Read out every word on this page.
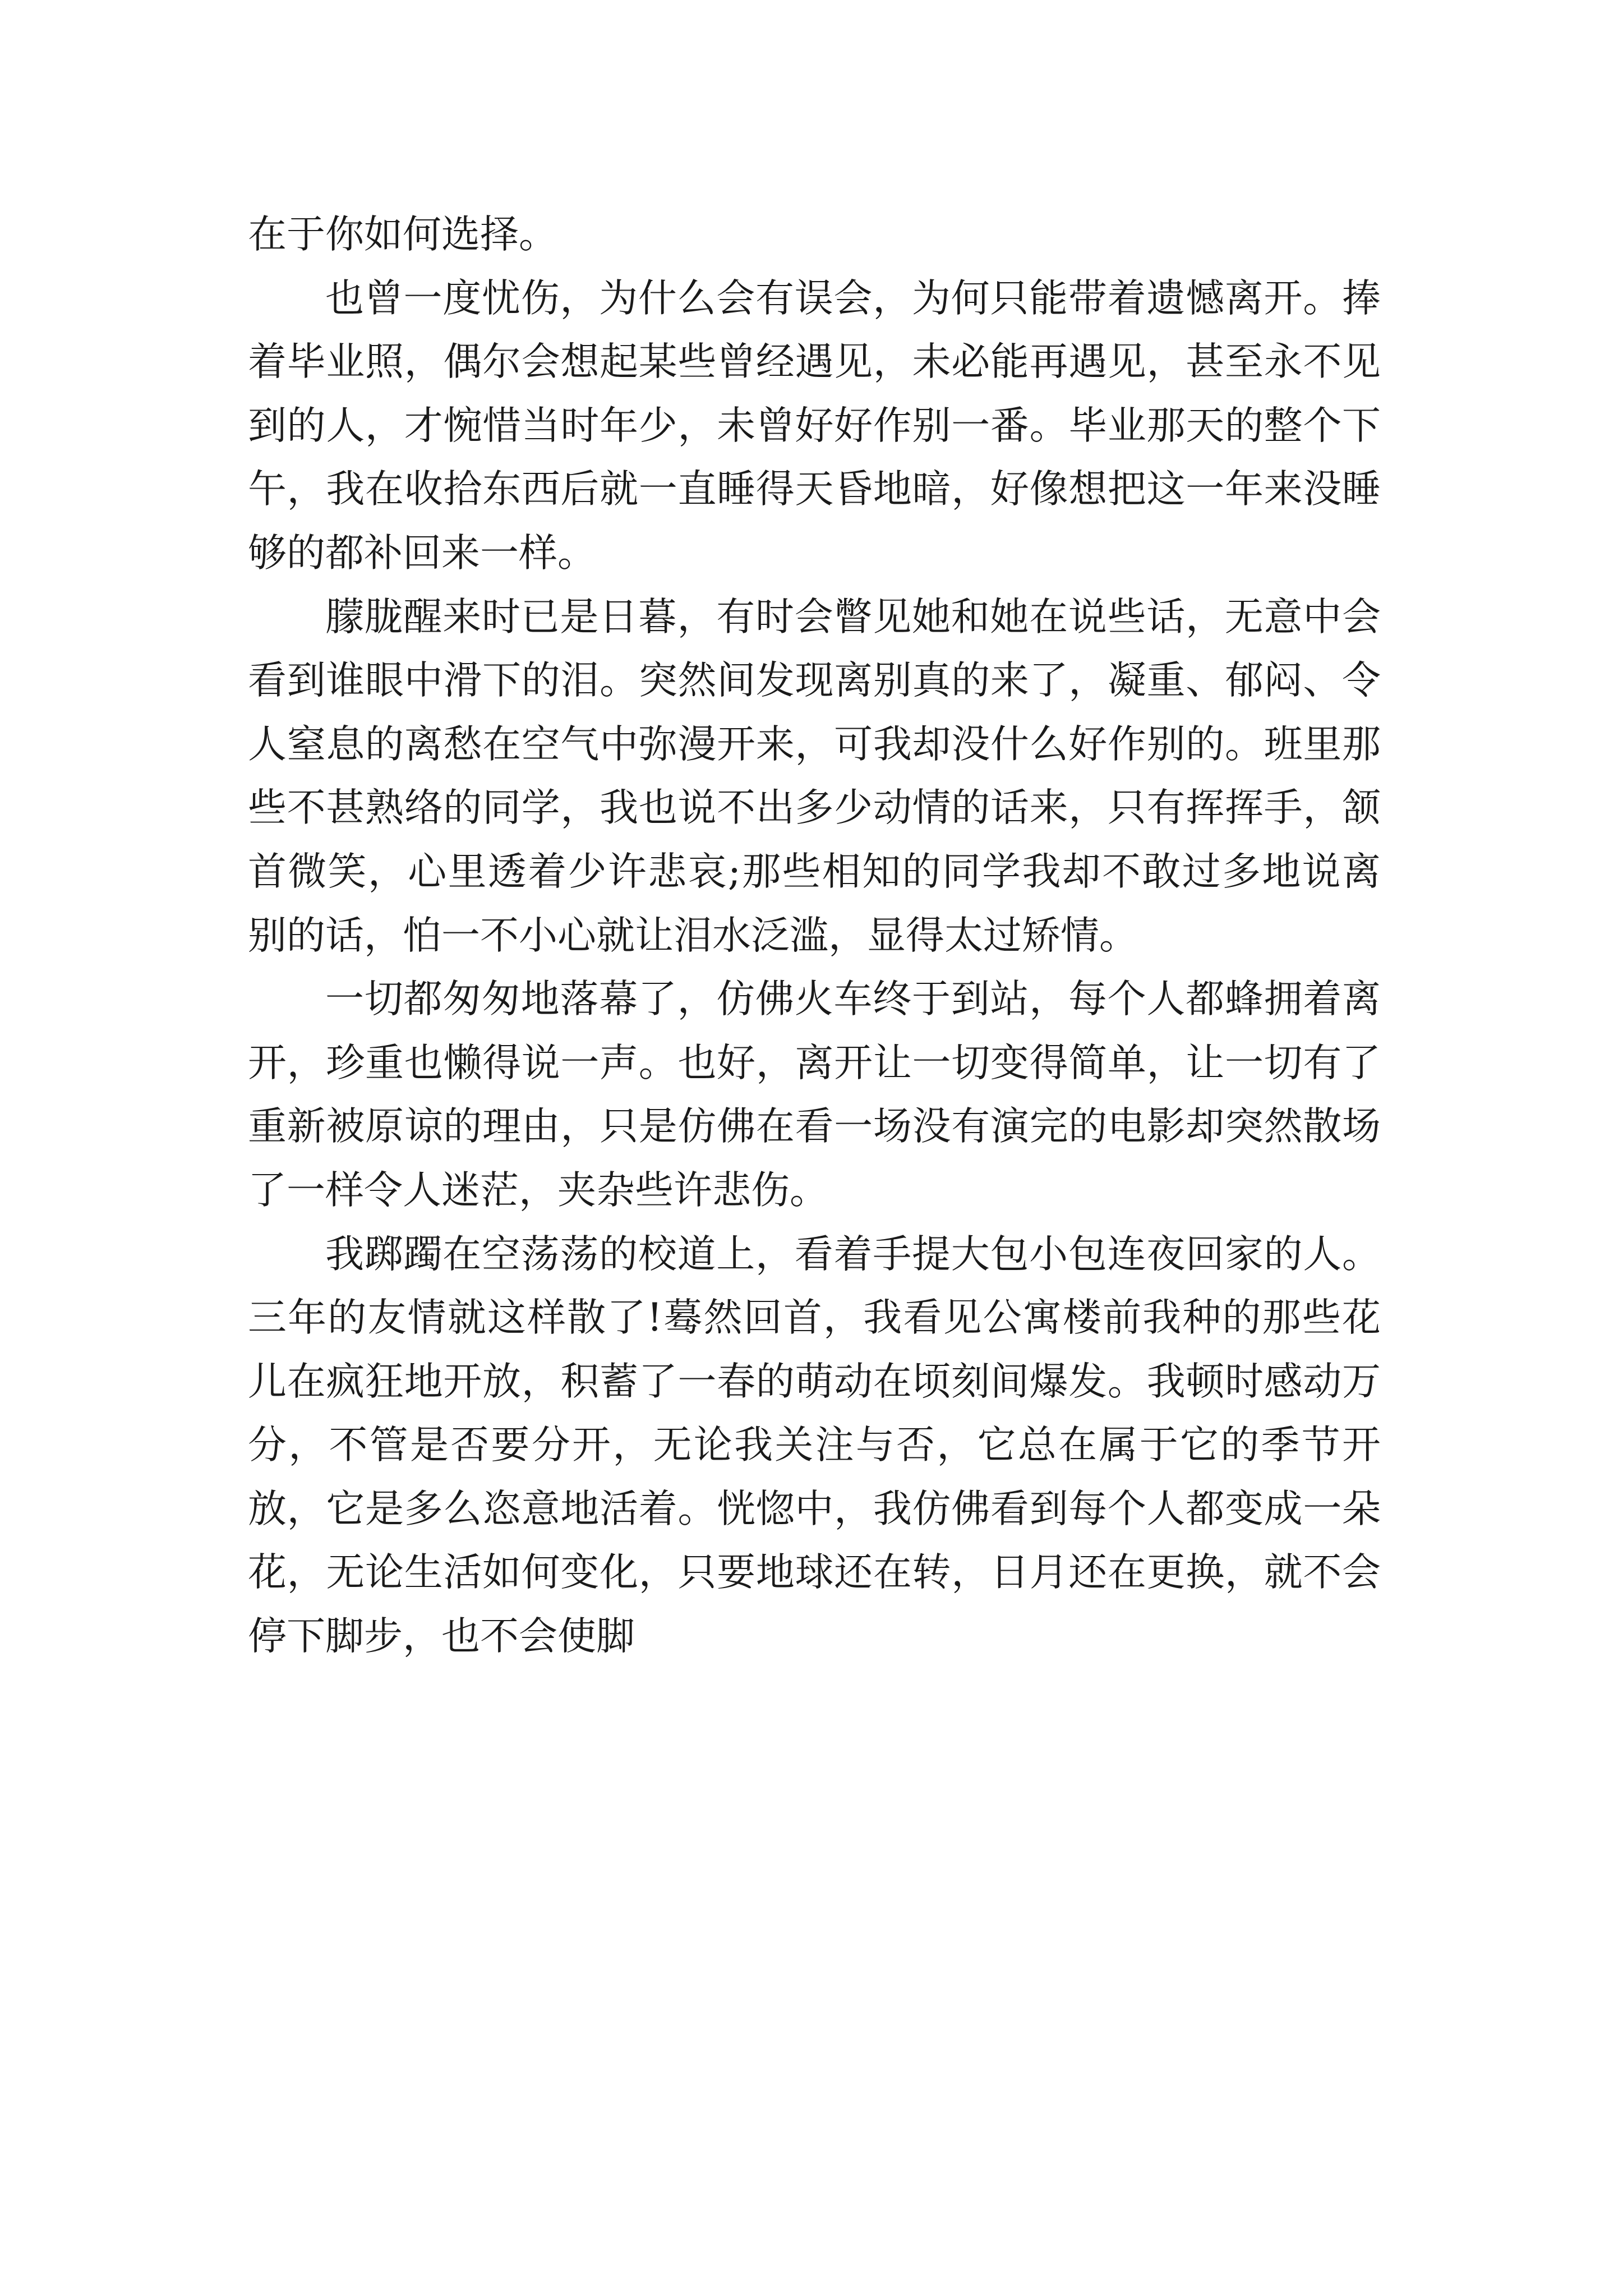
在于你如何选择。

也曾一度忧伤，为什么会有误会，为何只能带着遗憾离开。捧着毕业照，偶尔会想起某些曾经遇见，未必能再遇见，甚至永不见到的人，才惋惜当时年少，未曾好好作别一番。毕业那天的整个下午，我在收拾东西后就一直睡得天昏地暗，好像想把这一年来没睡够的都补回来一样。

朦胧醒来时已是日暮，有时会瞥见她和她在说些话，无意中会看到谁眼中滑下的泪。突然间发现离别真的来了，凝重、郁闷、令人窒息的离愁在空气中弥漫开来，可我却没什么好作别的。班里那些不甚熟络的同学，我也说不出多少动情的话来，只有挥挥手，颔首微笑，心里透着少许悲哀;那些相知的同学我却不敢过多地说离别的话，怕一不小心就让泪水泛滥，显得太过矫情。

一切都匆匆地落幕了，仿佛火车终于到站，每个人都蜂拥着离开，珍重也懒得说一声。也好，离开让一切变得简单，让一切有了重新被原谅的理由，只是仿佛在看一场没有演完的电影却突然散场了一样令人迷茫，夹杂些许悲伤。

我踯躅在空荡荡的校道上，看着手提大包小包连夜回家的人。三年的友情就这样散了!蓦然回首，我看见公寓楼前我种的那些花儿在疯狂地开放，积蓄了一春的萌动在顷刻间爆发。我顿时感动万分，不管是否要分开，无论我关注与否，它总在属于它的季节开放，它是多么恣意地活着。恍惚中，我仿佛看到每个人都变成一朵花，无论生活如何变化，只要地球还在转，日月还在更换，就不会停下脚步，也不会使脚
